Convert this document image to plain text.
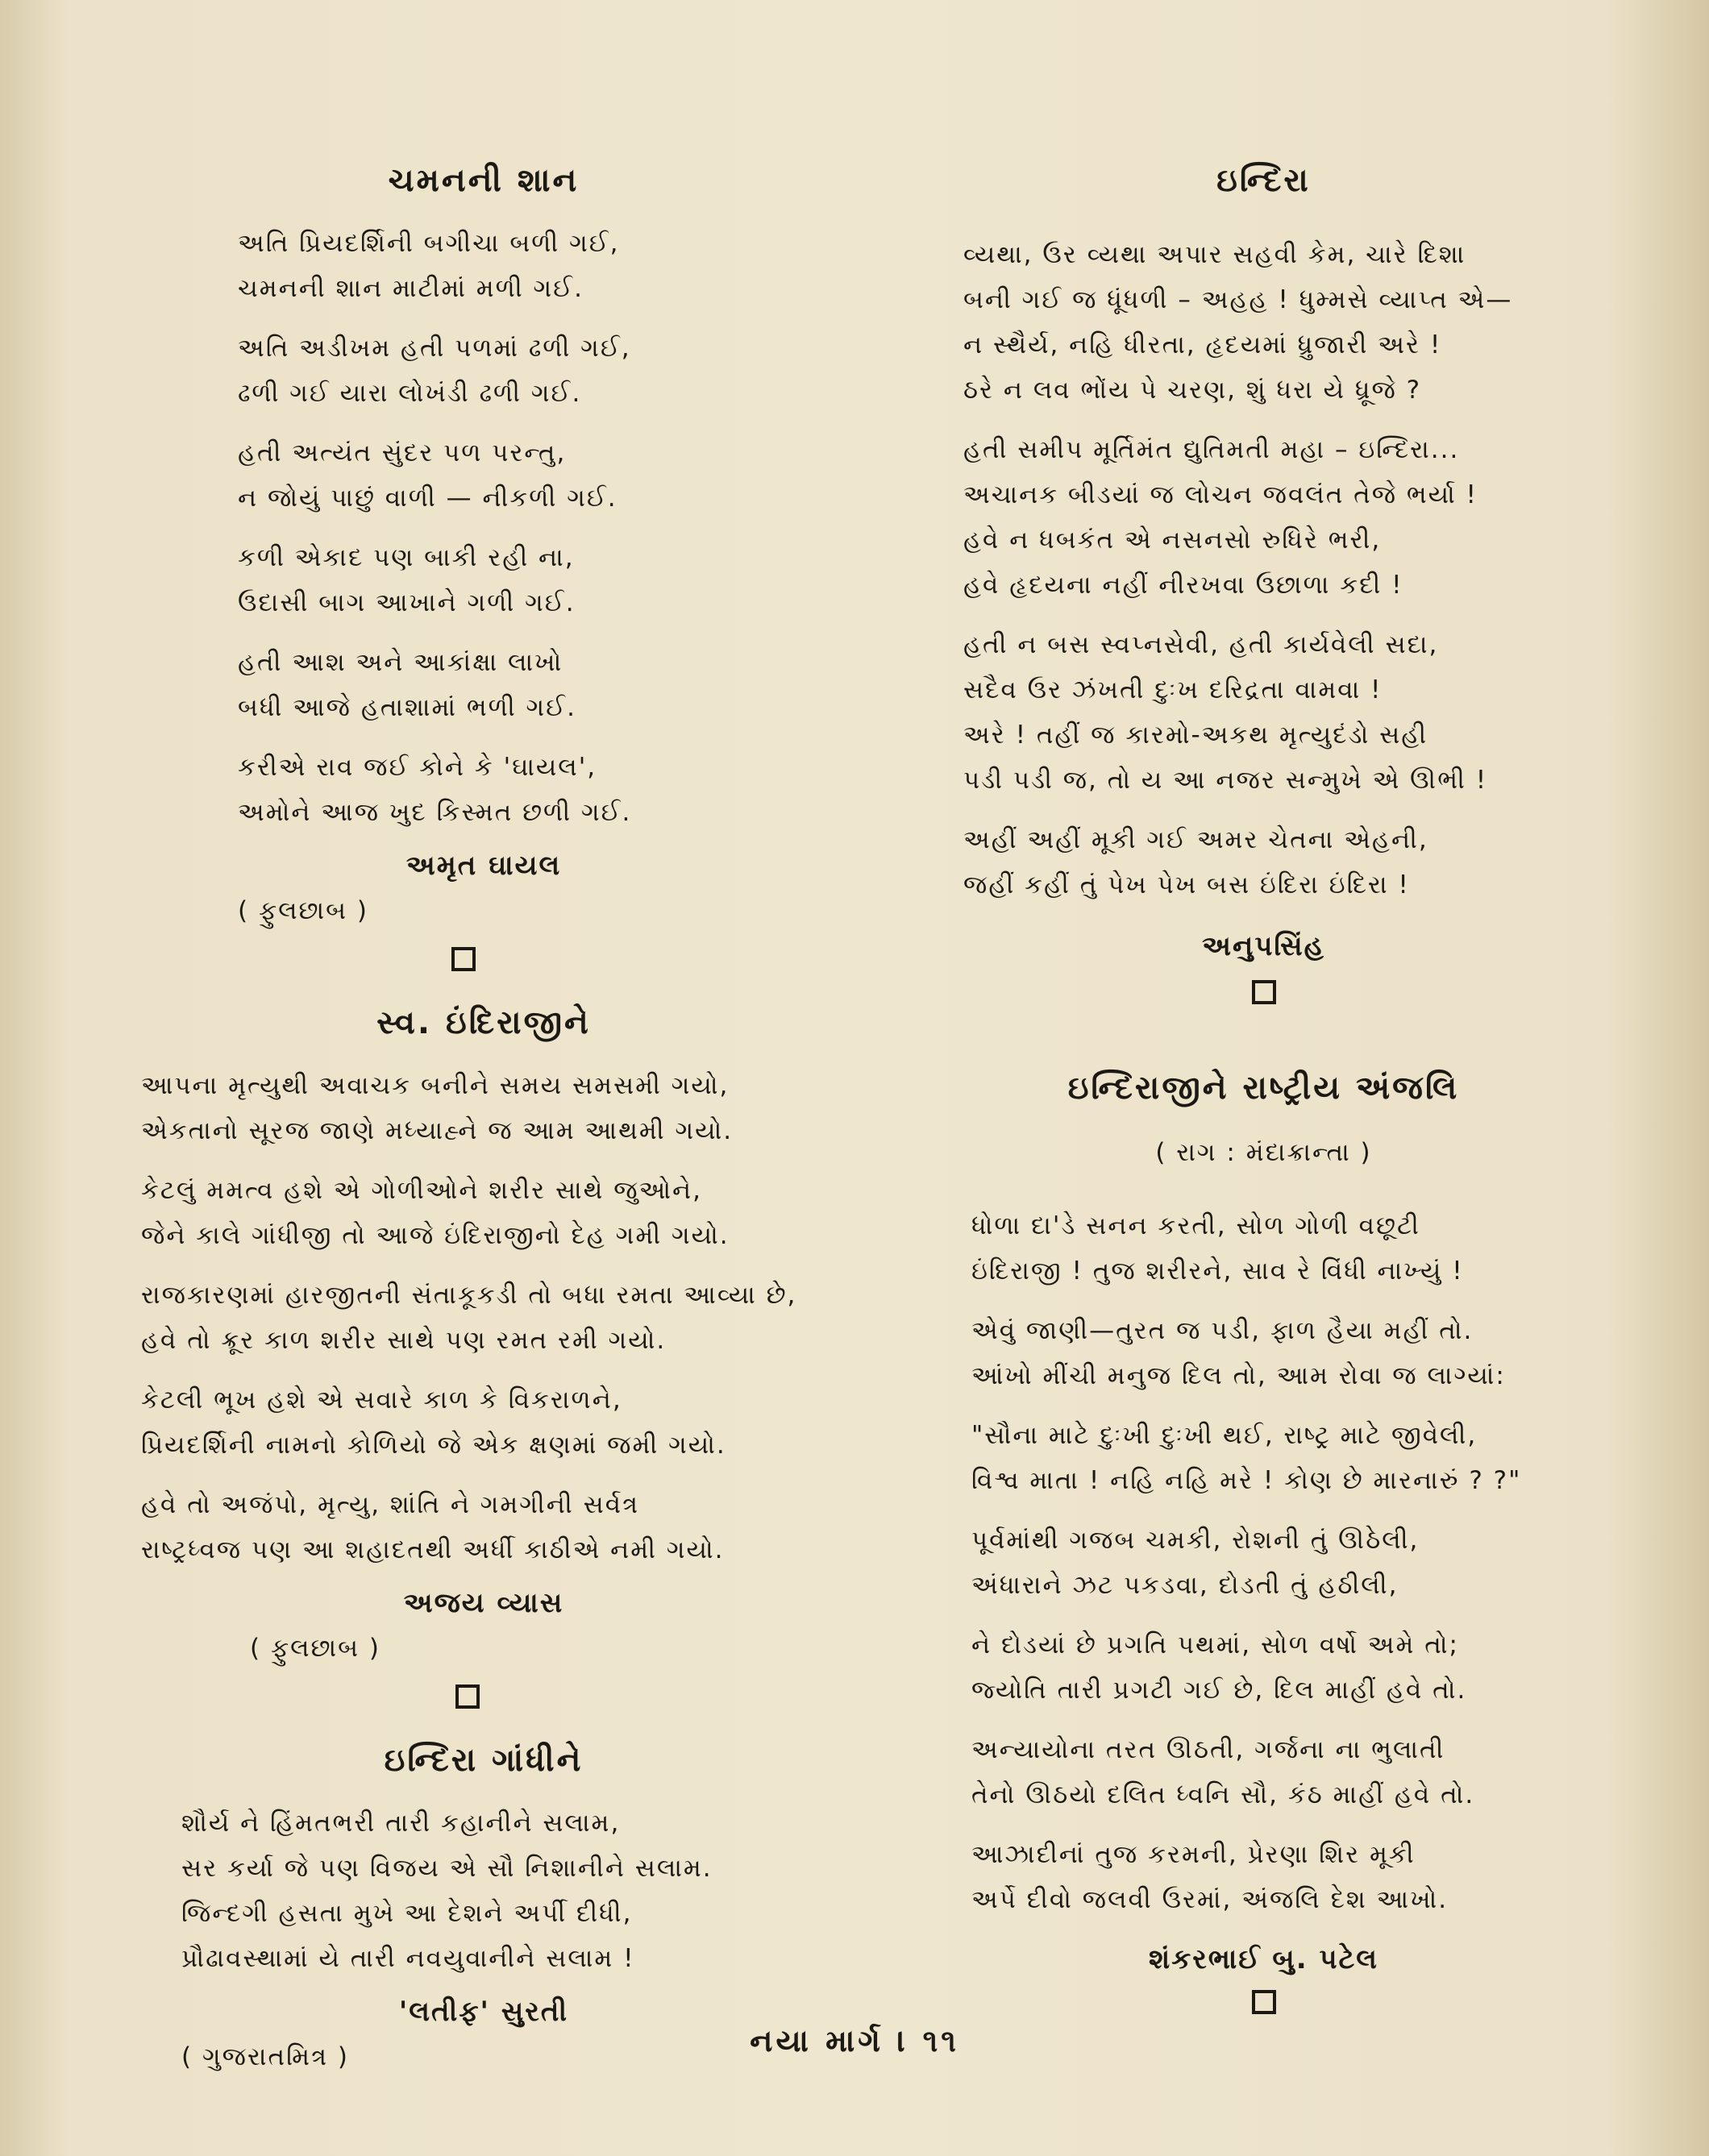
ચમનની શાન
અતિ પ્રિયદર્શિની બગીચા બળી ગઈ,
ચમનની શાન માટીમાં મળી ગઈ.
અતિ અડીખમ હતી પળમાં ઢળી ગઈ,
ઢળી ગઈ યારા લોખંડી ઢળી ગઈ.
હતી અત્યંત સુંદર પળ પરન્તુ,
ન જોયું પાછું વાળી — નીકળી ગઈ.
કળી એકાદ પણ બાકી રહી ના,
ઉદાસી બાગ આખાને ગળી ગઈ.
હતી આશ અને આકાંક્ષા લાખો
બધી આજે હતાશામાં ભળી ગઈ.
કરીએ રાવ જઈ કોને કે 'ઘાયલ',
અમોને આજ ખુદ કિસ્મત છળી ગઈ.
અમૃત ઘાયલ
( ફુલછાબ )
સ્વ. ઇંદિરાજીને
આપના મૃત્યુથી અવાચક બનીને સમય સમસમી ગયો,
એકતાનો સૂરજ જાણે મધ્યાહ્ને જ આમ આથમી ગયો.
કેટલું મમત્વ હશે એ ગોળીઓને શરીર સાથે જુઓને,
જેને કાલે ગાંધીજી તો આજે ઇંદિરાજીનો દેહ ગમી ગયો.
રાજકારણમાં હારજીતની સંતાકૂકડી તો બધા રમતા આવ્યા છે,
હવે તો ક્રૂર કાળ શરીર સાથે પણ રમત રમી ગયો.
કેટલી ભૂખ હશે એ સવારે કાળ કે વિકરાળને,
પ્રિયદર્શિની નામનો કોળિયો જે એક ક્ષણમાં જમી ગયો.
હવે તો અજંપો, મૃત્યુ, શાંતિ ને ગમગીની સર્વત્ર
રાષ્ટ્રધ્વજ પણ આ શહાદતથી અર્ધી કાઠીએ નમી ગયો.
અજય વ્યાસ
( ફુલછાબ )
ઇન્દિરા ગાંધીને
શૌર્ય ને હિંમતભરી તારી કહાનીને સલામ,
સર કર્યા જે પણ વિજય એ સૌ નિશાનીને સલામ.
જિન્દગી હસતા મુખે આ દેશને અર્પી દીધી,
પ્રૌઢાવસ્થામાં યે તારી નવયુવાનીને સલામ !
'લતીફ' સુરતી
( ગુજરાતમિત્ર )
ઇન્દિરા
વ્યથા, ઉર વ્યથા અપાર સહવી કેમ, ચારે દિશા
બની ગઈ જ ધૂંધળી – અહહ ! ધુમ્મસે વ્યાપ્ત એ—
ન સ્થૈર્ય, નહિ ધીરતા, હૃદયમાં ધ્રુજારી અરે !
ઠરે ન લવ ભોંય પે ચરણ, શું ધરા યે ધ્રૂજે ?
હતી સમીપ મૂર્તિમંત દ્યુતિમતી મહા – ઇન્દિરા...
અચાનક બીડયાં જ લોચન જવલંત તેજે ભર્યા !
હવે ન ધબકંત એ નસનસો રુધિરે ભરી,
હવે હૃદયના નહીં નીરખવા ઉછાળા કદી !
હતી ન બસ સ્વપ્નસેવી, હતી કાર્યવેલી સદા,
સદૈવ ઉર ઝંખતી દુઃખ દરિદ્રતા વામવા !
અરે ! તહીં જ કારમો-અકથ મૃત્યુદંડો સહી
પડી પડી જ, તો ય આ નજર સન્મુખે એ ઊભી !
અહીં અહીં મૂકી ગઈ અમર ચેતના એહની,
જહીં કહીં તું પેખ પેખ બસ ઇંદિરા ઇંદિરા !
અનુપસિંહ
ઇન્દિરાજીને રાષ્ટ્રીય અંજલિ
( રાગ : મંદાક્રાન્તા )
ધોળા દા'ડે સનન કરતી, સોળ ગોળી વછૂટી
ઇંદિરાજી ! તુજ શરીરને, સાવ રે વિંધી નાખ્યું !
એવું જાણી—તુરત જ પડી, ફાળ હૈયા મહીં તો.
આંખો મીંચી મનુજ દિલ તો, આમ રોવા જ લાગ્યાં:
"સૌના માટે દુઃખી દુઃખી થઈ, રાષ્ટ્ર માટે જીવેલી,
વિશ્વ માતા ! નહિ નહિ મરે ! કોણ છે મારનારું ? ?"
પૂર્વમાંથી ગજબ ચમકી, રોશની તું ઊઠેલી,
અંધારાને ઝટ પકડવા, દોડતી તું હઠીલી,
ને દોડયાં છે પ્રગતિ પથમાં, સોળ વર્ષો અમે તો;
જ્યોતિ તારી પ્રગટી ગઈ છે, દિલ માહીં હવે તો.
અન્યાયોના તરત ઊઠતી, ગર્જના ના ભુલાતી
તેનો ઊઠયો દલિત ધ્વનિ સૌ, કંઠ માહીં હવે તો.
આઝાદીનાં તુજ કરમની, પ્રેરણા શિર મૂકી
અર્પે દીવો જલવી ઉરમાં, અંજલિ દેશ આખો.
શંકરભાઈ બુ. પટેલ
નયા માર્ગ । ૧૧
